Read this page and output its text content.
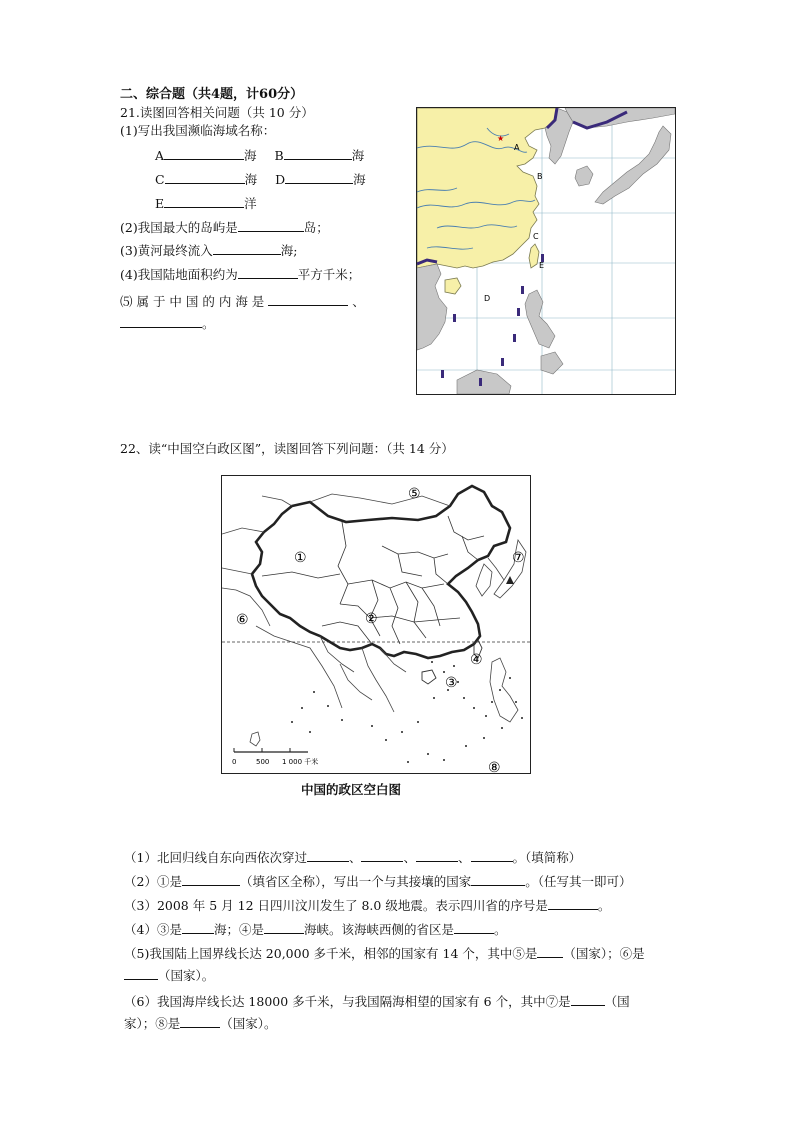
二、综合题（共4题，计60分）
21.读图回答相关问题（共 10 分）
(1)写出我国濒临海域名称：
A	海 B	海
C	海 D	海
E	洋
(2)我国最大的岛屿是	岛；
(3)黄河最终流入	海;
(4)我国陆地面积约为	平方千米；
⑸ 属 于 中 国 的 内 海 是	、
。
★
A
B
C
D
E
22、读“中国空白政区图”，读图回答下列问题：（共 14 分）
①
②
③
④
⑤
⑥
⑦
⑧
0	500 1 000 千米
中国的政区空白图
（1）北回归线自东向西依次穿过	、	、	、	。（填简称）
（2）①是	（填省区全称），写出一个与其接壤的国家	。（任写其一即可）
（3）2008 年 5 月 12 日四川汶川发生了 8.0 级地震。表示四川省的序号是	。
（4）③是	海；④是	海峡。该海峡西侧的省区是	。
（5)我国陆上国界线长达 20,000 多千米，相邻的国家有 14 个，其中⑤是 （国家）；⑥是
（国家）。
（6）我国海岸线长达 18000 多千米，与我国隔海相望的国家有 6 个，其中⑦是	（国
家）；⑧是	（国家）。
